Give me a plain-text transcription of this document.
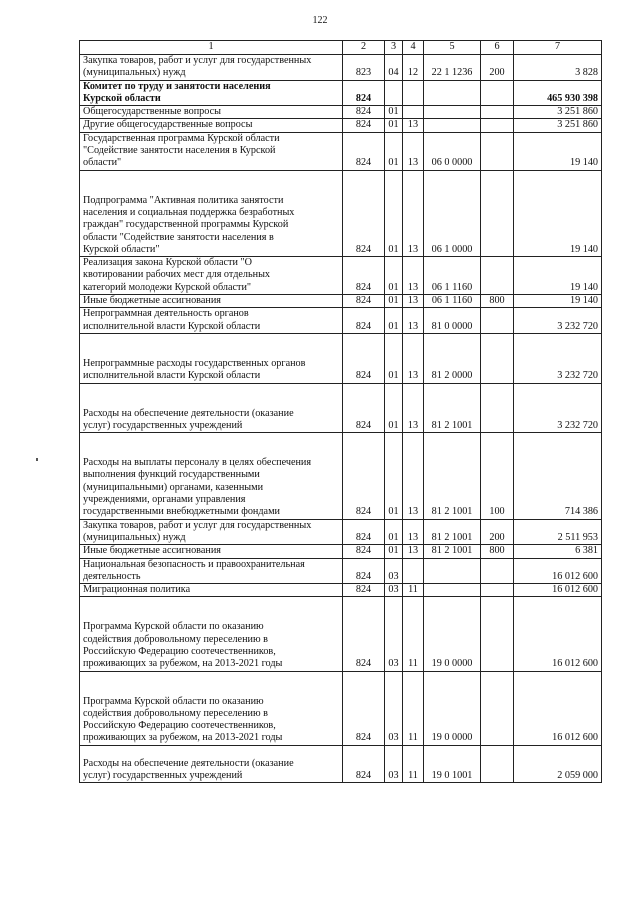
122
1	2	3	4	5	6	7

Закупка товаров, работ и услуг для государственных
(муниципальных) нужд	823	04	12	22 1 1236	200	3 828

Комитет по труду и занятости населения
Курской области	824					465 930 398

Общегосударственные вопросы	824	01				3 251 860

Другие общегосударственные вопросы	824	01	13			3 251 860

Государственная программа Курской области
"Содействие занятости населения в Курской
области"	824	01	13	06 0 0000		19 140

Подпрограмма "Активная политика занятости
населения и социальная поддержка безработных
граждан" государственной программы Курской
области "Содействие занятости населения в
Курской области"	824	01	13	06 1 0000		19 140

Реализация закона Курской области "О
квотировании рабочих мест для отдельных
категорий молодежи Курской области"	824	01	13	06 1 1160		19 140

Иные бюджетные ассигнования	824	01	13	06 1 1160	800	19 140

Непрограммная деятельность органов
исполнительной власти Курской области	824	01	13	81 0 0000		3 232 720

Непрограммные расходы государственных органов
исполнительной власти Курской области	824	01	13	81 2 0000		3 232 720

Расходы на обеспечение деятельности (оказание
услуг) государственных учреждений	824	01	13	81 2 1001		3 232 720

Расходы на выплаты персоналу в целях обеспечения
выполнения функций государственными
(муниципальными) органами, казенными
учреждениями, органами управления
государственными внебюджетными фондами	824	01	13	81 2 1001	100	714 386

Закупка товаров, работ и услуг для государственных
(муниципальных) нужд	824	01	13	81 2 1001	200	2 511 953

Иные бюджетные ассигнования	824	01	13	81 2 1001	800	6 381

Национальная безопасность и правоохранительная
деятельность	824	03				16 012 600

Миграционная политика	824	03	11			16 012 600

Программа Курской области по оказанию
содействия добровольному переселению в
Российскую Федерацию соотечественников,
проживающих за рубежом, на 2013-2021 годы	824	03	11	19 0 0000		16 012 600

Программа Курской области по оказанию
содействия добровольному переселению в
Российскую Федерацию соотечественников,
проживающих за рубежом, на 2013-2021 годы	824	03	11	19 0 0000		16 012 600

Расходы на обеспечение деятельности (оказание
услуг) государственных учреждений	824	03	11	19 0 1001		2 059 000
